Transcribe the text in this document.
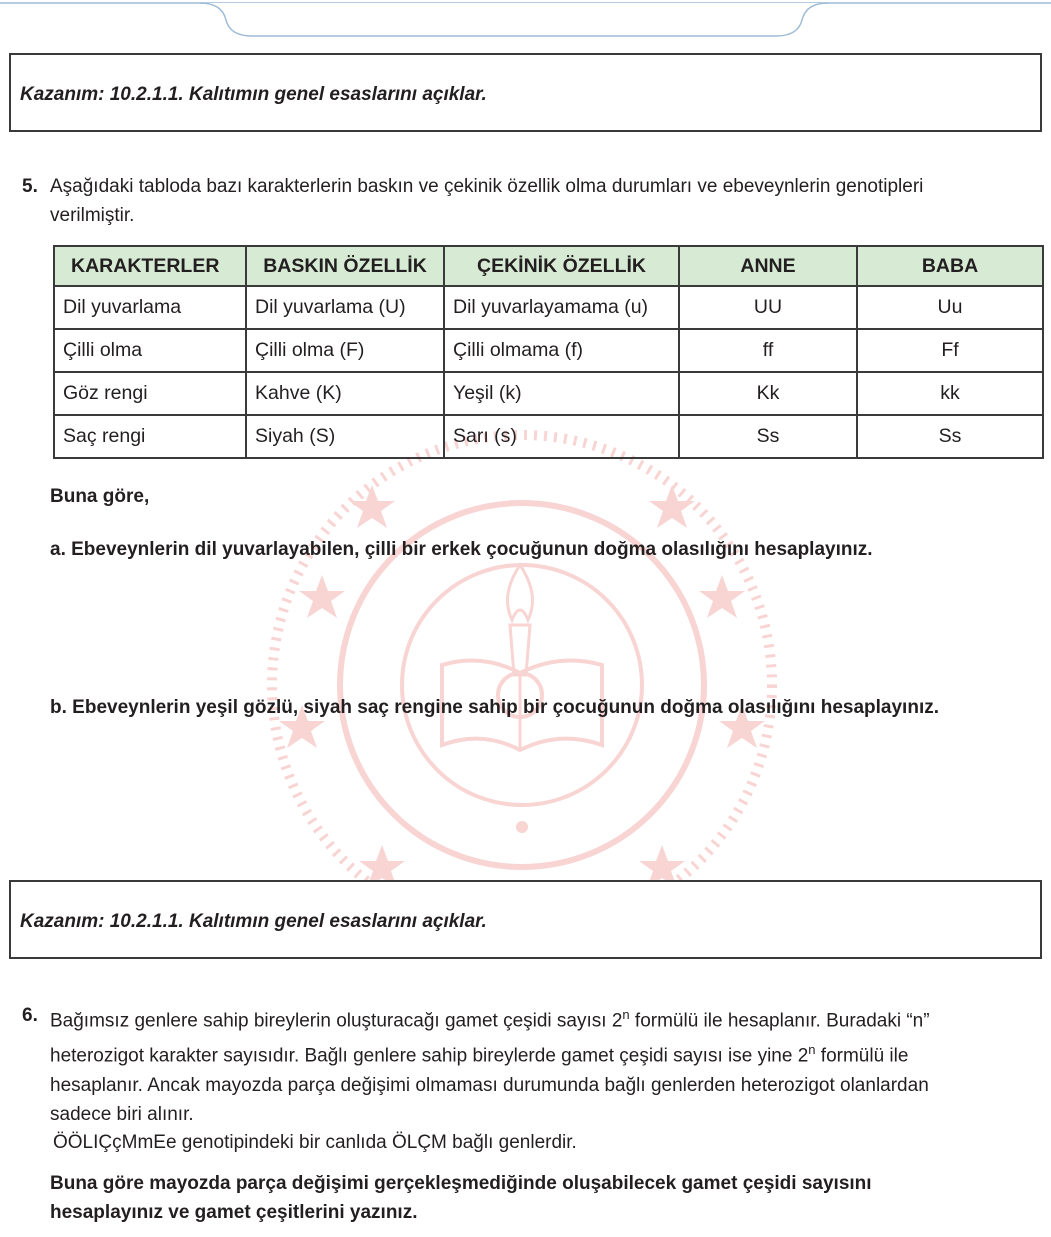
Kazanım: 10.2.1.1. Kalıtımın genel esaslarını açıklar.
5. Aşağıdaki tabloda bazı karakterlerin baskın ve çekinik özellik olma durumları ve ebeveynlerin genotipleri
verilmiştir.
KARAKTERLER	BASKIN ÖZELLİK	ÇEKİNİK ÖZELLİK	ANNE	BABA
Dil yuvarlama	Dil yuvarlama (U)	Dil yuvarlayamama (u)	UU	Uu
Çilli olma	Çilli olma (F)	Çilli olmama (f)	ff	Ff
Göz rengi	Kahve (K)	Yeşil (k)	Kk	kk
Saç rengi	Siyah (S)	Sarı (s)	Ss	Ss
Buna göre,
a. Ebeveynlerin dil yuvarlayabilen, çilli bir erkek çocuğunun doğma olasılığını hesaplayınız.
b. Ebeveynlerin yeşil gözlü, siyah saç rengine sahip bir çocuğunun doğma olasılığını hesaplayınız.
Kazanım: 10.2.1.1. Kalıtımın genel esaslarını açıklar.
6. Bağımsız genlere sahip bireylerin oluşturacağı gamet çeşidi sayısı 2$^n$ formülü ile hesaplanır. Buradaki “n”
heterozigot karakter sayısıdır. Bağlı genlere sahip bireylerde gamet çeşidi sayısı ise yine 2$^n$ formülü ile
hesaplanır. Ancak mayozda parça değişimi olmaması durumunda bağlı genlerden heterozigot olanlardan
sadece biri alınır.
ÖÖLIÇçMmEe genotipindeki bir canlıda ÖLÇM bağlı genlerdir.
Buna göre mayozda parça değişimi gerçekleşmediğinde oluşabilecek gamet çeşidi sayısını
hesaplayınız ve gamet çeşitlerini yazınız.
